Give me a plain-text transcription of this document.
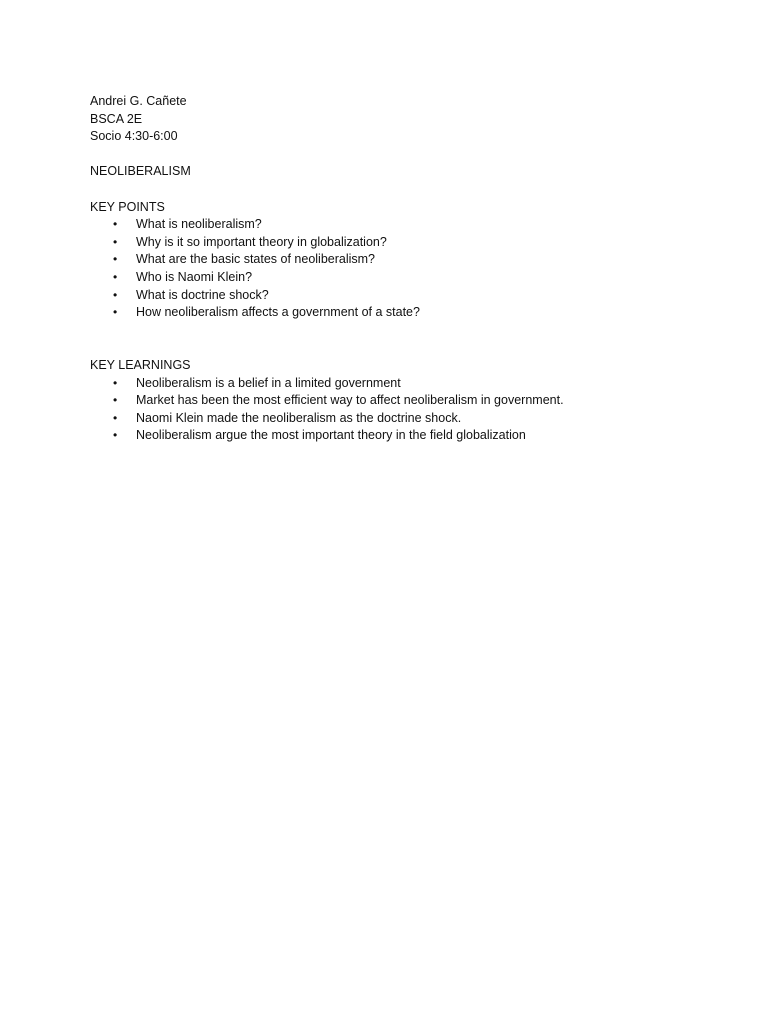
Andrei G. Cañete
BSCA 2E
Socio 4:30-6:00
NEOLIBERALISM
KEY POINTS
• What is neoliberalism?
• Why is it so important theory in globalization?
• What are the basic states of neoliberalism?
• Who is Naomi Klein?
• What is doctrine shock?
• How neoliberalism affects a government of a state?
KEY LEARNINGS
• Neoliberalism is a belief in a limited government
• Market has been the most efficient way to affect neoliberalism in government.
• Naomi Klein made the neoliberalism as the doctrine shock.
• Neoliberalism argue the most important theory in the field globalization
